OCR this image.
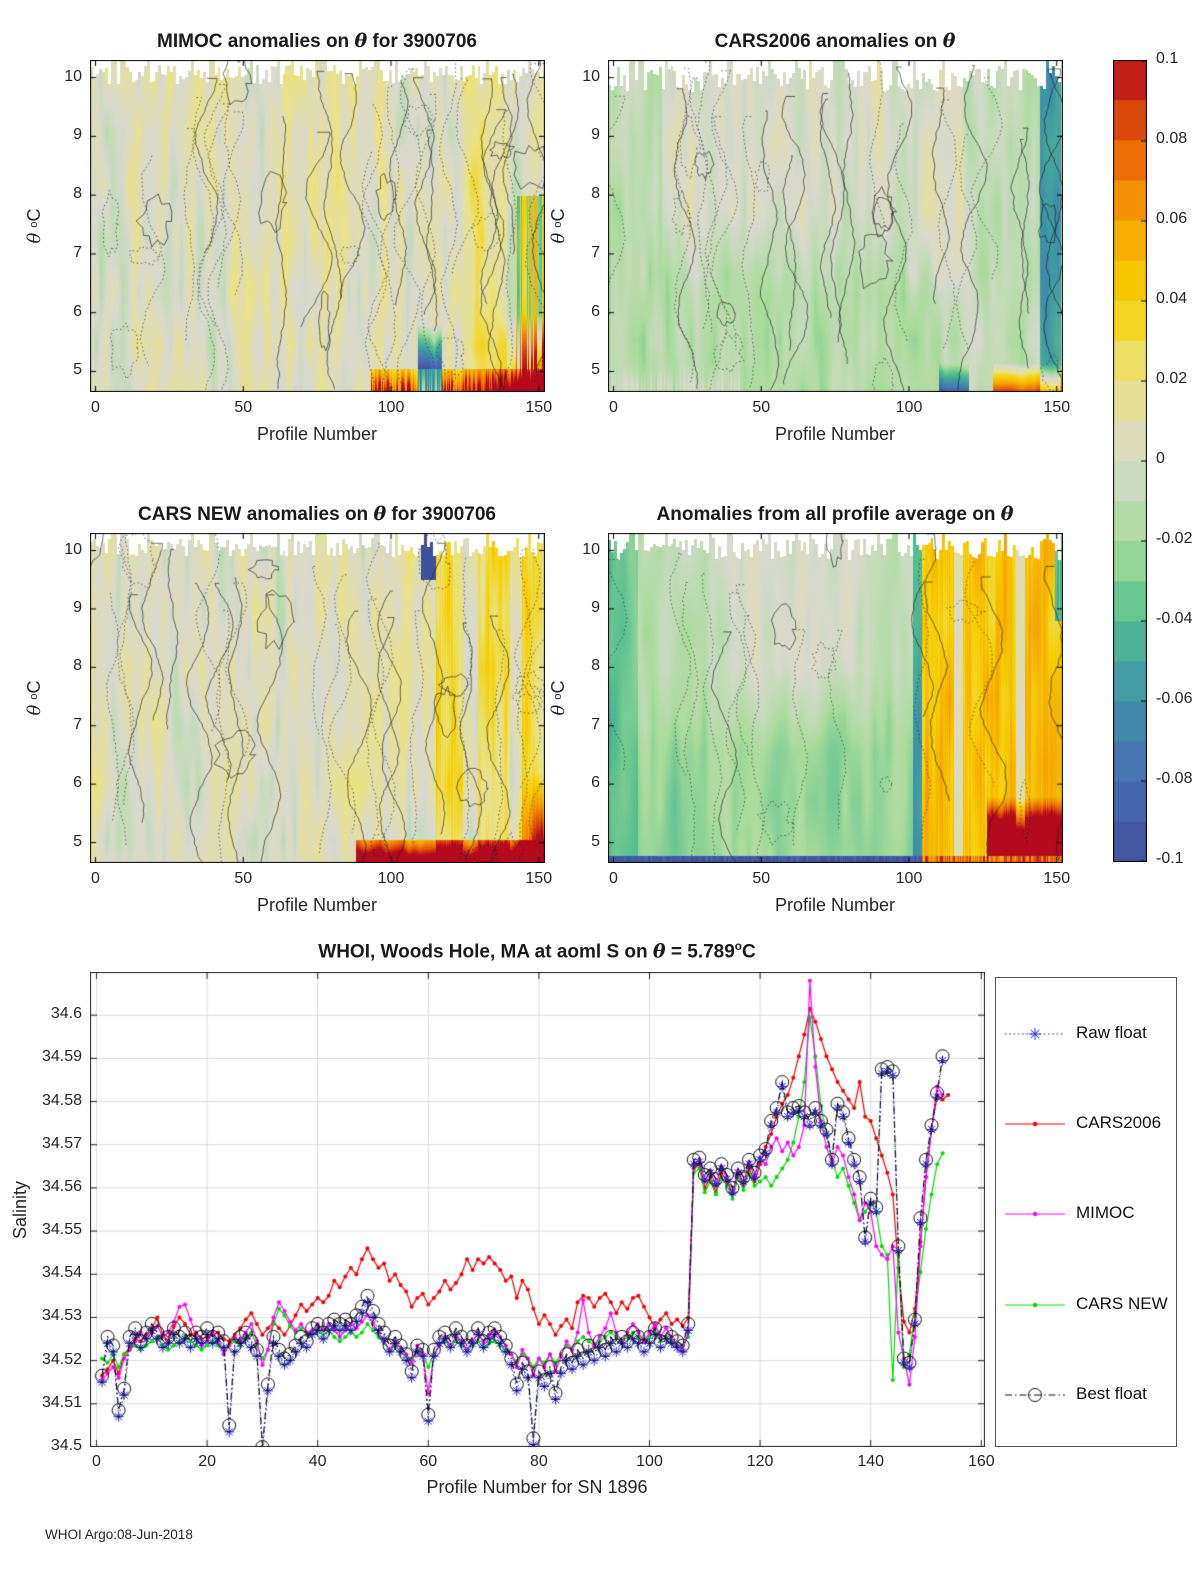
MIMOC anomalies on θ for 3900706
θ

o
C
0	50	100	150
10
9
8
7
6
5
Profile Number
CARS2006 anomalies on θ
θ

o
C
0	50	100	150
10
9
8
7
6
5
Profile Number
CARS NEW anomalies on θ for 3900706
θ

o
C
0	50	100	150
10
9
8
7
6
5
Profile Number
Anomalies from all profile average on θ
θ

o
C
0	50	100	150
10
9
8
7
6
5
Profile Number
0.1
0.08
0.06
0.04
0.02
0
-0.02
-0.04
-0.06
-0.08
-0.1
WHOI, Woods Hole, MA at aoml S on $\theta = 5.789^oC$
Salinity
0	20	40	60	80	100	120	140	160
34.5
34.51
34.52
34.53
34.54
34.55
34.56
34.57
34.58
34.59
34.6
Profile Number for SN 1896
Raw float
CARS2006
MIMOC
CARS NEW
Best float
WHOI Argo:08-Jun-2018
